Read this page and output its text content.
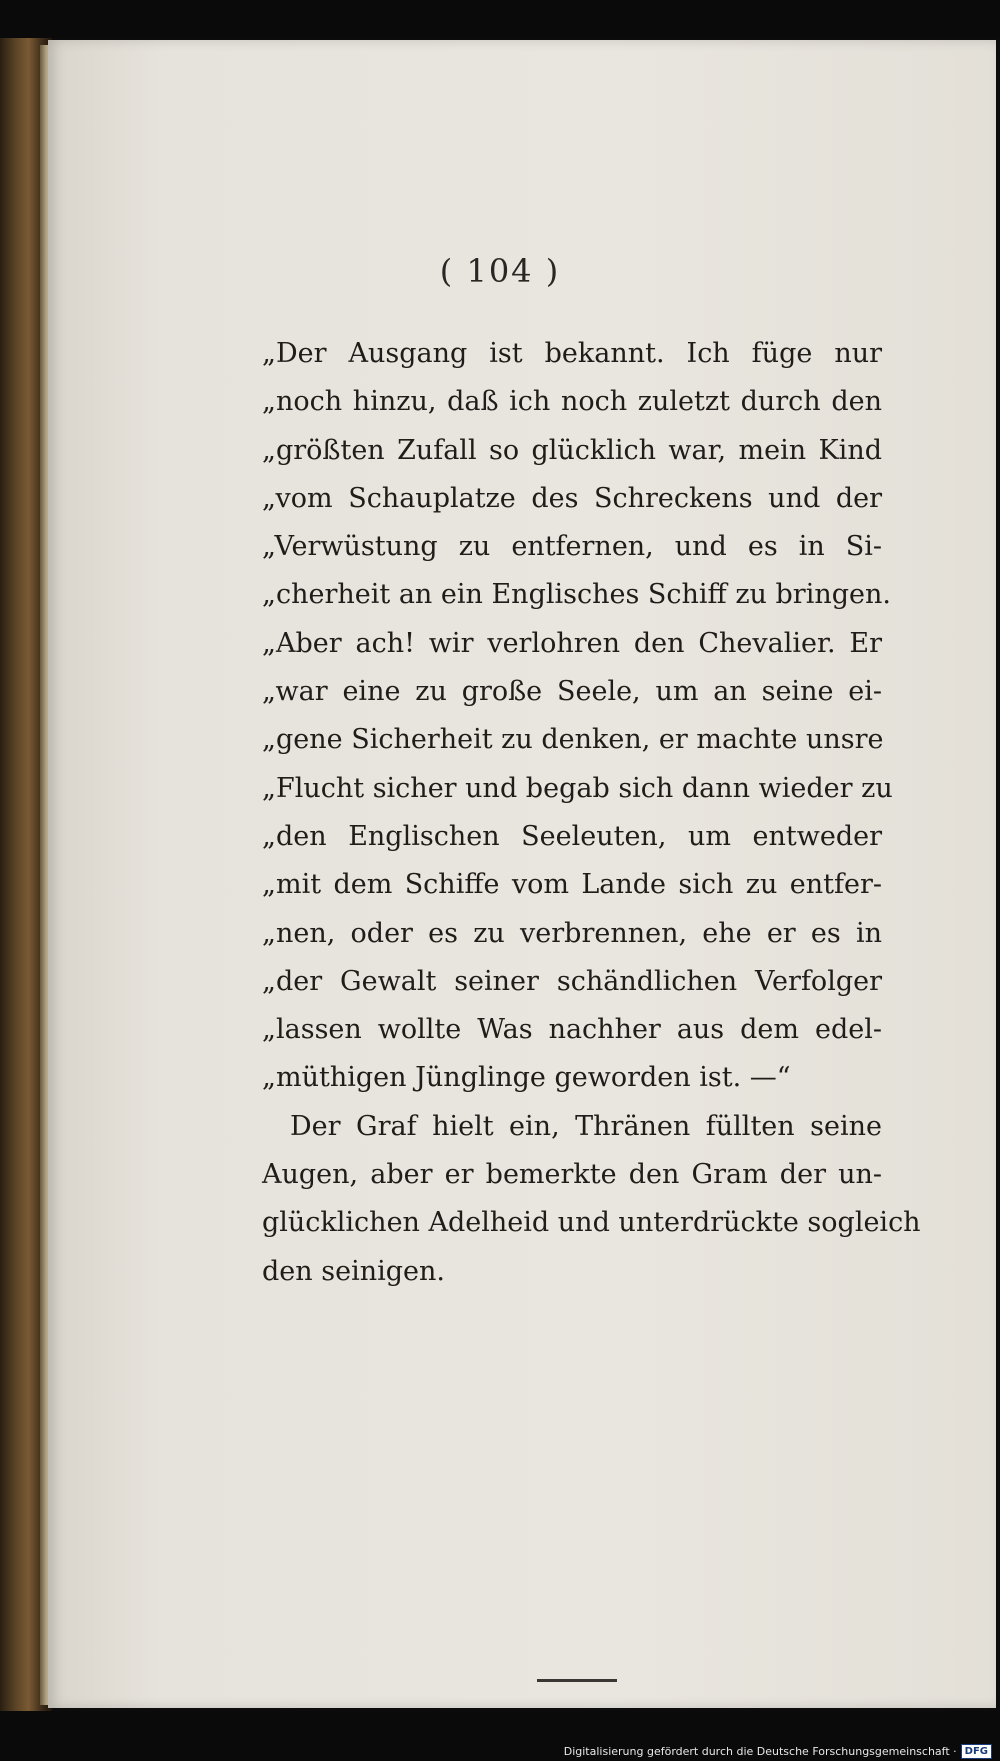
( 104 )
„Der Ausgang ist bekannt. Ich füge nur
„noch hinzu, daß ich noch zuletzt durch den
„größten Zufall so glücklich war, mein Kind
„vom Schauplatze des Schreckens und der
„Verwüstung zu entfernen, und es in Si‑
„cherheit an ein Englisches Schiff zu bringen.
„Aber ach! wir verlohren den Chevalier. Er
„war eine zu große Seele, um an seine ei‑
„gene Sicherheit zu denken, er machte unsre
„Flucht sicher und begab sich dann wieder zu
„den Englischen Seeleuten, um entweder
„mit dem Schiffe vom Lande sich zu entfer‑
„nen, oder es zu verbrennen, ehe er es in
„der Gewalt seiner schändlichen Verfolger
„lassen wollte Was nachher aus dem edel‑
„müthigen Jünglinge geworden ist. —“
Der Graf hielt ein, Thränen füllten seine
Augen, aber er bemerkte den Gram der un‑
glücklichen Adelheid und unterdrückte sogleich
den seinigen.
Digitalisierung gefördert durch die Deutsche Forschungsgemeinschaft · DFG
